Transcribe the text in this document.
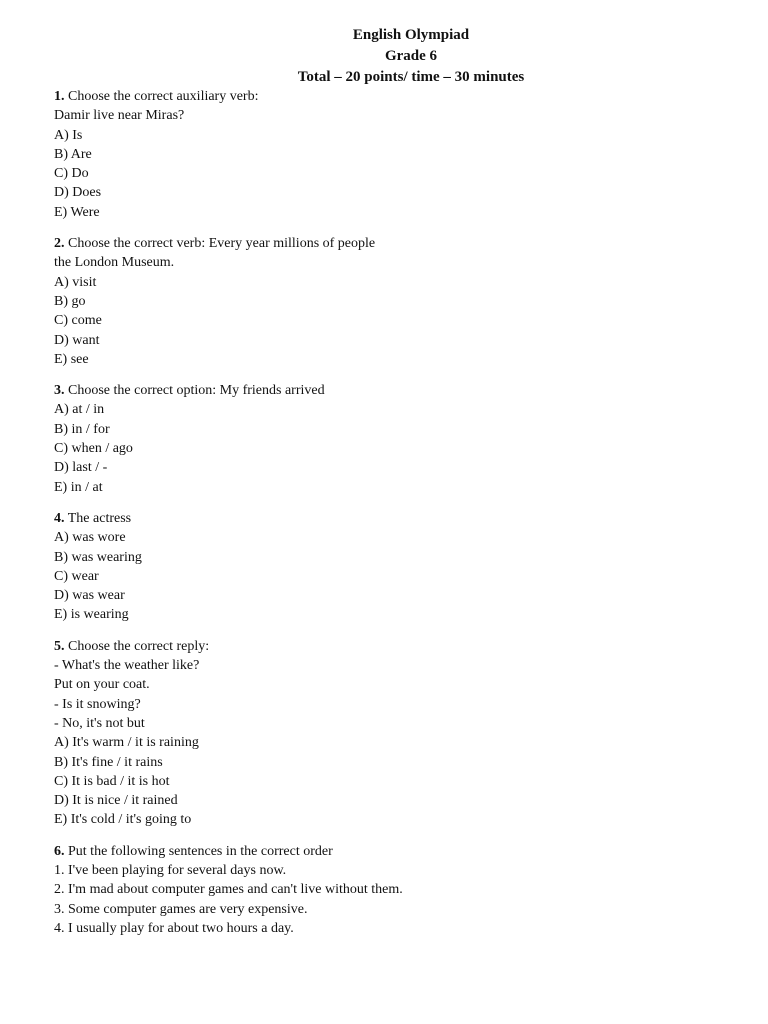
English Olympiad
Grade 6
Total – 20 points/ time – 30 minutes
1. Choose the correct auxiliary verb:
Damir live near Miras?
A) Is
B) Are
C) Do
D) Does
E) Were
2. Choose the correct verb: Every year millions of people
the London Museum.
A) visit
B) go
C) come
D) want
E) see
3. Choose the correct option: My friends arrived
A) at / in
B) in / for
C) when / ago
D) last / -
E) in / at
4. The actress
A) was wore
B) was wearing
C) wear
D) was wear
E) is wearing
5. Choose the correct reply:
- What's the weather like?
Put on your coat.
- Is it snowing?
- No, it's not but
A) It's warm / it is raining
B) It's fine / it rains
C) It is bad / it is hot
D) It is nice / it rained
E) It's cold / it's going to
6. Put the following sentences in the correct order
1. I've been playing for several days now.
2. I'm mad about computer games and can't live without them.
3. Some computer games are very expensive.
4. I usually play for about two hours a day.
